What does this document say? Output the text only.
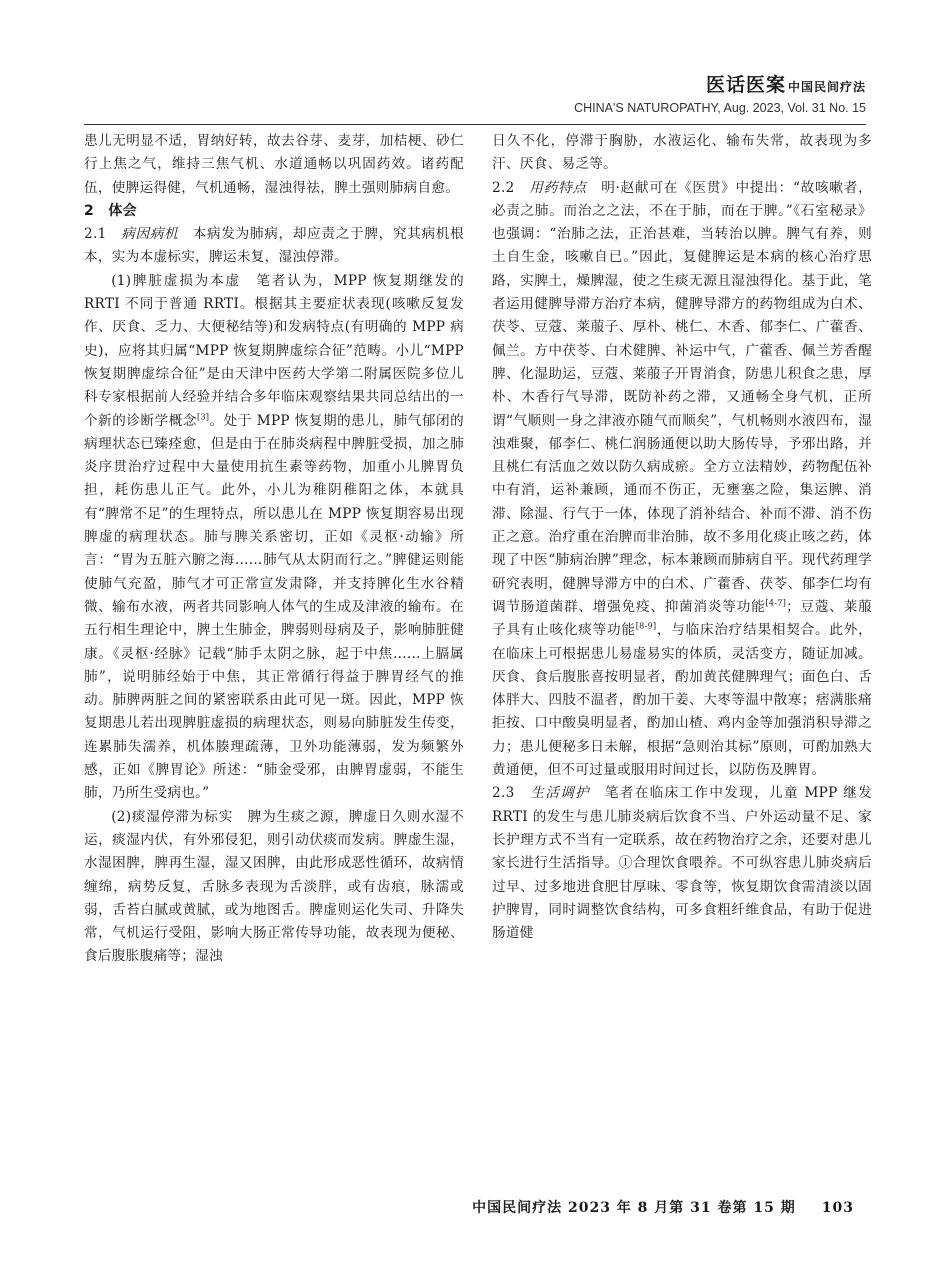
医话医案 中国民间疗法
CHINA'S NATUROPATHY, Aug. 2023, Vol. 31 No. 15

患儿无明显不适，胃纳好转，故去谷芽、麦芽，加桔梗、砂仁行上焦之气，维持三焦气机、水道通畅以巩固药效。诸药配伍，使脾运得健，气机通畅，湿浊得祛，脾土强则肺病自愈。

2　体会

2.1　 病因病机　 本病发为肺病，却应责之于脾，究其病机根本，实为本虚标实，脾运未复，湿浊停滞。

(1)脾脏虚损为本虚　笔者认为，MPP 恢复期继发的 RRTI 不同于普通 RRTI。根据其主要症状表现(咳嗽反复发作、厌食、乏力、大便秘结等)和发病特点(有明确的 MPP 病史)，应将其归属“MPP 恢复期脾虚综合征”范畴。小儿“MPP 恢复期脾虚综合征”是由天津中医药大学第二附属医院多位儿科专家根据前人经验并结合多年临床观察结果共同总结出的一个新的诊断学概念[3]。处于 MPP 恢复期的患儿，肺气郁闭的病理状态已臻痊愈，但是由于在肺炎病程中脾脏受损，加之肺炎序贯治疗过程中大量使用抗生素等药物，加重小儿脾胃负担，耗伤患儿正气。此外，小儿为稚阴稚阳之体，本就具有“脾常不足”的生理特点，所以患儿在 MPP 恢复期容易出现脾虚的病理状态。肺与脾关系密切，正如《灵枢·动输》所言：“胃为五脏六腑之海……肺气从太阴而行之。”脾健运则能使肺气充盈，肺气才可正常宣发肃降，并支持脾化生水谷精微、输布水液，两者共同影响人体气的生成及津液的输布。在五行相生理论中，脾土生肺金，脾弱则母病及子，影响肺脏健康。《灵枢·经脉》记载“肺手太阴之脉，起于中焦……上膈属肺”，说明肺经始于中焦，其正常循行得益于脾胃经气的推动。肺脾两脏之间的紧密联系由此可见一斑。因此，MPP 恢复期患儿若出现脾脏虚损的病理状态，则易向肺脏发生传变，连累肺失濡养，机体腠理疏薄，卫外功能薄弱，发为频繁外感，正如《脾胃论》所述：“肺金受邪，由脾胃虚弱，不能生肺，乃所生受病也。”

(2)痰湿停滞为标实　脾为生痰之源，脾虚日久则水湿不运，痰湿内伏，有外邪侵犯，则引动伏痰而发病。脾虚生湿，水湿困脾，脾再生湿，湿又困脾，由此形成恶性循环，故病情缠绵，病势反复，舌脉多表现为舌淡胖，或有齿痕，脉濡或弱，舌苔白腻或黄腻，或为地图舌。脾虚则运化失司、升降失常，气机运行受阻，影响大肠正常传导功能，故表现为便秘、食后腹胀腹痛等；湿浊

日久不化，停滞于胸胁，水液运化、输布失常，故表现为多汗、厌食、易乏等。

2.2　 用药特点　 明·赵献可在《医贯》中提出：“故咳嗽者，必责之肺。而治之之法，不在于肺，而在于脾。”《石室秘录》也强调：“治肺之法，正治甚难，当转治以脾。脾气有养，则土自生金，咳嗽自已。”因此，复健脾运是本病的核心治疗思路，实脾土，燥脾湿，使之生痰无源且湿浊得化。基于此，笔者运用健脾导滞方治疗本病，健脾导滞方的药物组成为白术、茯苓、豆蔻、莱菔子、厚朴、桃仁、木香、郁李仁、广藿香、佩兰。方中茯苓、白术健脾、补运中气，广藿香、佩兰芳香醒脾、化湿助运，豆蔻、莱菔子开胃消食，防患儿积食之患，厚朴、木香行气导滞，既防补药之滞，又通畅全身气机，正所谓“气顺则一身之津液亦随气而顺矣”，气机畅则水液四布，湿浊难聚，郁李仁、桃仁润肠通便以助大肠传导，予邪出路，并且桃仁有活血之效以防久病成瘀。全方立法精妙，药物配伍补中有消，运补兼顾，通而不伤正，无壅塞之险，集运脾、消滞、除湿、行气于一体，体现了消补结合、补而不滞、消不伤正之意。治疗重在治脾而非治肺，故不多用化痰止咳之药，体现了中医“肺病治脾”理念，标本兼顾而肺病自平。现代药理学研究表明，健脾导滞方中的白术、广藿香、茯苓、郁李仁均有调节肠道菌群、增强免疫、抑菌消炎等功能[4-7]；豆蔻、莱菔子具有止咳化痰等功能[8-9]，与临床治疗结果相契合。此外，在临床上可根据患儿易虚易实的体质，灵活变方，随证加减。厌食、食后腹胀喜按明显者，酌加黄芪健脾理气；面色白、舌体胖大、四肢不温者，酌加干姜、大枣等温中散寒；痞满胀痛拒按、口中酸臭明显者，酌加山楂、鸡内金等加强消积导滞之力；患儿便秘多日未解，根据“急则治其标”原则，可酌加熟大黄通便，但不可过量或服用时间过长，以防伤及脾胃。

2.3　 生活调护　 笔者在临床工作中发现，儿童 MPP 继发 RRTI 的发生与患儿肺炎病后饮食不当、户外运动量不足、家长护理方式不当有一定联系，故在药物治疗之余，还要对患儿家长进行生活指导。①合理饮食喂养。不可纵容患儿肺炎病后过早、过多地进食肥甘厚味、零食等，恢复期饮食需清淡以固护脾胃，同时调整饮食结构，可多食粗纤维食品，有助于促进肠道健

中国民间疗法 2023 年 8 月第 31 卷第 15 期 103
